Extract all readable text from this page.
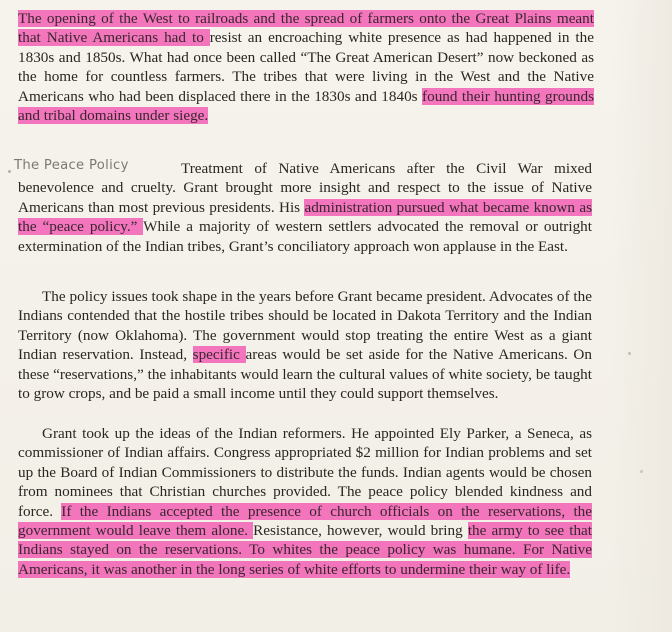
~~~~~~

The opening of the West to railroads and the spread of farmers onto the Great Plains meant that Native Americans had to resist an encroaching white presence as had happened in the 1830s and 1850s. What had once been called “The Great American Desert” now beckoned as the home for countless farmers. The tribes that were living in the West and the Native Americans who had been displaced there in the 1830s and 1840s found their hunting grounds and tribal domains under siege.

The Peace Policy	Treatment of Native Americans after the Civil War mixed benevolence and cruelty. Grant brought more insight and respect to the issue of Native Americans than most previous presidents. His administration pursued what became known as the “peace policy.” While a majority of western settlers advocated the removal or outright extermination of the Indian tribes, Grant’s conciliatory approach won applause in the East.

The policy issues took shape in the years before Grant became president. Advocates of the Indians contended that the hostile tribes should be located in Dakota Territory and the Indian Territory (now Oklahoma). The government would stop treating the entire West as a giant Indian reservation. Instead, specific areas would be set aside for the Native Americans. On these “reservations,” the inhabitants would learn the cultural values of white society, be taught to grow crops, and be paid a small income until they could support themselves.

Grant took up the ideas of the Indian reformers. He appointed Ely Parker, a Seneca, as commissioner of Indian affairs. Congress appropriated $2 million for Indian problems and set up the Board of Indian Commissioners to distribute the funds. Indian agents would be chosen from nominees that Christian churches provided. The peace policy blended kindness and force. If the Indians accepted the presence of church officials on the reservations, the government would leave them alone. Resistance, however, would bring the army to see that Indians stayed on the reservations. To whites the peace policy was humane. For Native Americans, it was another in the long series of white efforts to undermine their way of life.
